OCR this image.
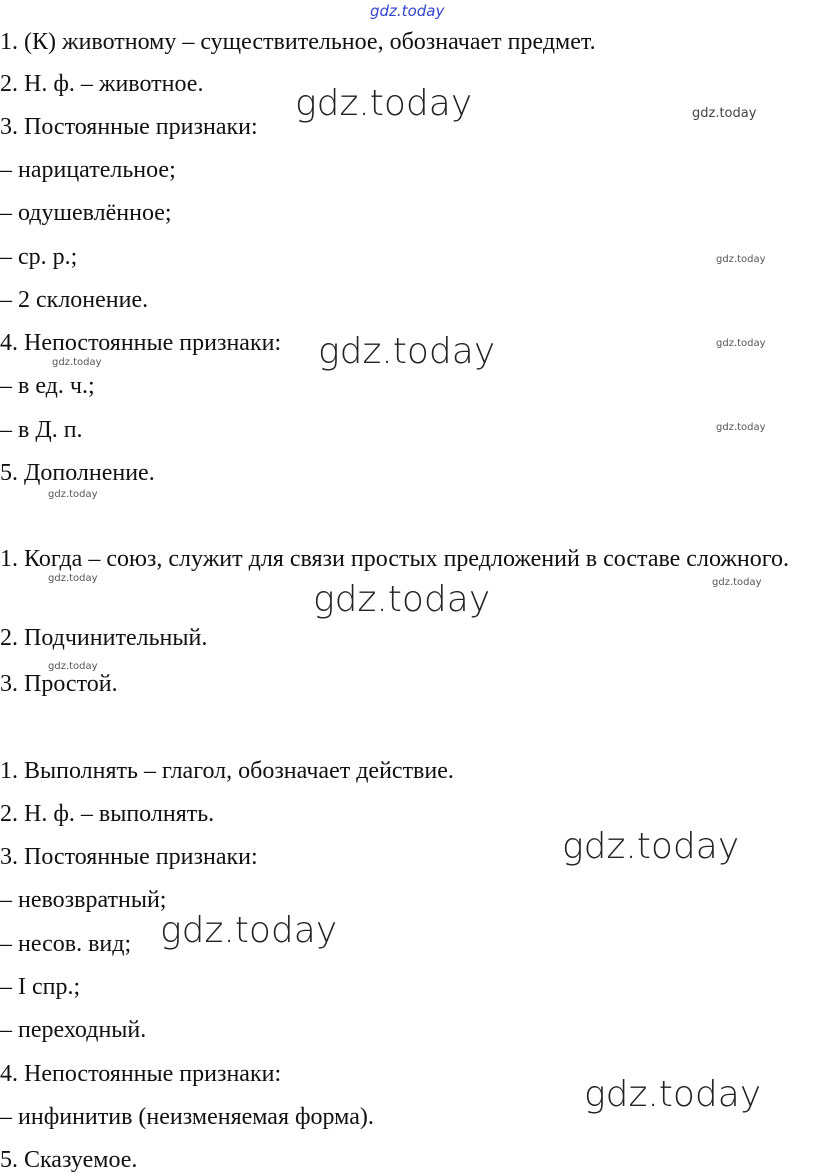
gdz.today
1. (К) животному – существительное, обозначает предмет.
2. Н. ф. – животное.
3. Постоянные признаки:
– нарицательное;
– одушевлённое;
– ср. р.;
– 2 склонение.
4. Непостоянные признаки:
– в ед. ч.;
– в Д. п.
5. Дополнение.
1. Когда – союз, служит для связи простых предложений в составе сложного.
2. Подчинительный.
3. Простой.
1. Выполнять – глагол, обозначает действие.
2. Н. ф. – выполнять.
3. Постоянные признаки:
– невозвратный;
– несов. вид;
– I спр.;
– переходный.
4. Непостоянные признаки:
– инфинитив (неизменяемая форма).
5. Сказуемое.
gdz.today
gdz.today
gdz.today
gdz.today
gdz.today
gdz.today
gdz.today
gdz.today
gdz.today
gdz.today
gdz.today
gdz.today
gdz.today	gdz.today
gdz.today
